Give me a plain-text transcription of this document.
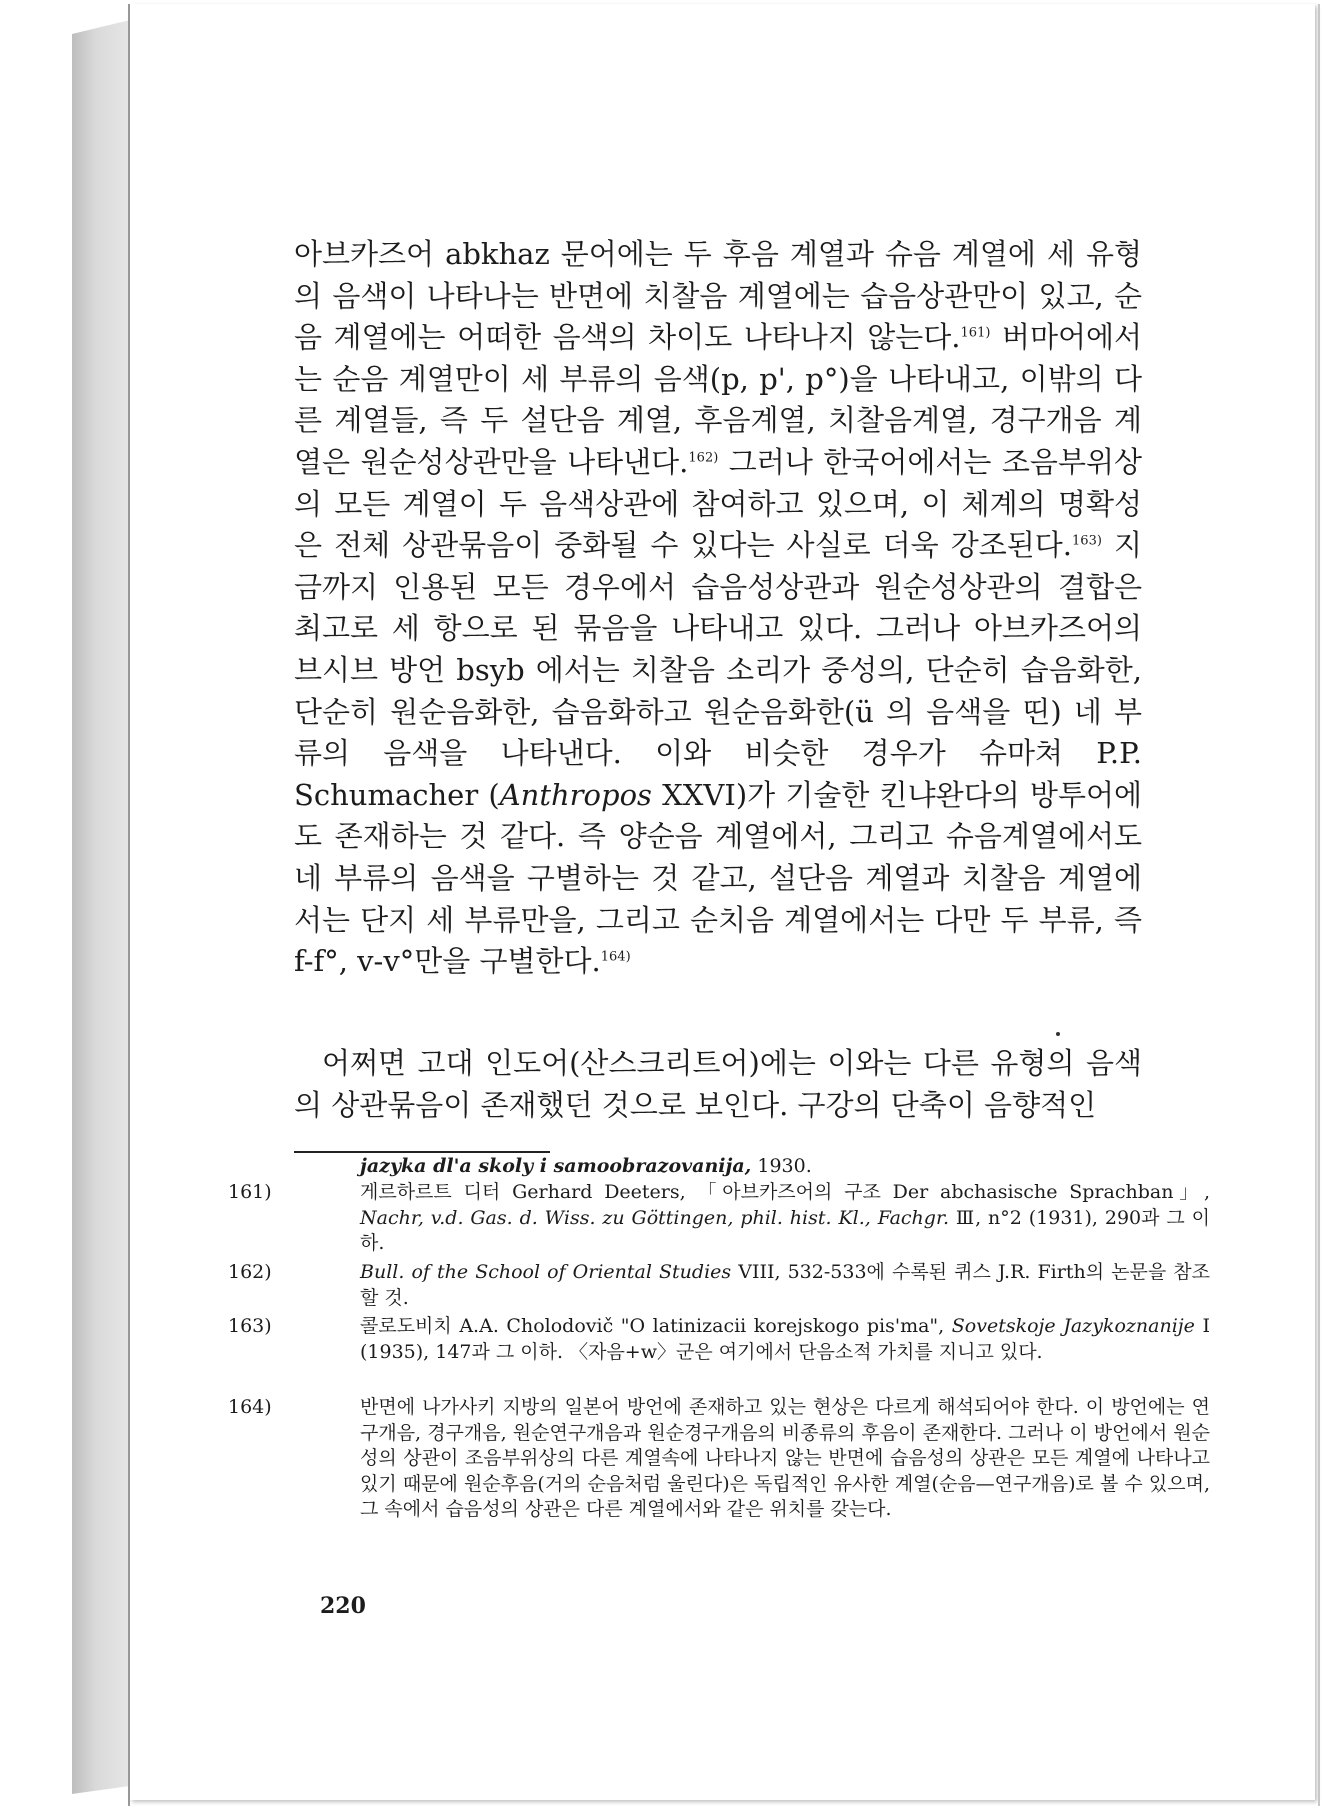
아브카즈어 abkhaz 문어에는 두 후음 계열과 슈음 계열에 세 유형의 음색이 나타나는 반면에 치찰음 계열에는 습음상관만이 있고, 순음 계열에는 어떠한 음색의 차이도 나타나지 않는다.$^{161)}$ 버마어에서는 순음 계열만이 세 부류의 음색(p, p', p°)을 나타내고, 이밖의 다른 계열들, 즉 두 설단음 계열, 후음계열, 치찰음계열, 경구개음 계열은 원순성상관만을 나타낸다.$^{162)}$ 그러나 한국어에서는 조음부위상의 모든 계열이 두 음색상관에 참여하고 있으며, 이 체계의 명확성은 전체 상관묶음이 중화될 수 있다는 사실로 더욱 강조된다.$^{163)}$ 지금까지 인용된 모든 경우에서 습음성상관과 원순성상관의 결합은 최고로 세 항으로 된 묶음을 나타내고 있다. 그러나 아브카즈어의 브시브 방언 bsyb 에서는 치찰음 소리가 중성의, 단순히 습음화한, 단순히 원순음화한, 습음화하고 원순음화한(ü 의 음색을 띤) 네 부류의 음색을 나타낸다. 이와 비슷한 경우가 슈마쳐 P.P. Schumacher (Anthropos XXVI)가 기술한 킨냐완다의 방투어에도 존재하는 것 같다. 즉 양순음 계열에서, 그리고 슈음계열에서도 네 부류의 음색을 구별하는 것 같고, 설단음 계열과 치찰음 계열에서는 단지 세 부류만을, 그리고 순치음 계열에서는 다만 두 부류, 즉 f-f°, v-v°만을 구별한다.$^{164)}$

어쩌면 고대 인도어(산스크리트어)에는 이와는 다른 유형의 음색의 상관묶음이 존재했던 것으로 보인다. 구강의 단축이 음향적인

jazyka dl'a skoly i samoobrazovanija, 1930.

161)	게르하르트 디터 Gerhard Deeters, 「아브카즈어의 구조 Der abchasische Sprachban」, Nachr, v.d. Gas. d. Wiss. zu Göttingen, phil. hist. Kl., Fachgr. Ⅲ, n°2 (1931), 290과 그 이하.

162)	Bull. of the School of Oriental Studies VIII, 532-533에 수록된 퀴스 J.R. Firth의 논문을 참조할 것.

163)	콜로도비치 A.A. Cholodovič "O latinizacii korejskogo pis'ma", Sovetskoje Jazykoznanije Ⅰ (1935), 147과 그 이하. 〈자음+w〉군은 여기에서 단음소적 가치를 지니고 있다.

164)	반면에 나가사키 지방의 일본어 방언에 존재하고 있는 현상은 다르게 해석되어야 한다. 이 방언에는 연구개음, 경구개음, 원순연구개음과 원순경구개음의 비종류의 후음이 존재한다. 그러나 이 방언에서 원순성의 상관이 조음부위상의 다른 계열속에 나타나지 않는 반면에 습음성의 상관은 모든 계열에 나타나고 있기 때문에 원순후음(거의 순음처럼 울린다)은 독립적인 유사한 계열(순음—연구개음)로 볼 수 있으며, 그 속에서 습음성의 상관은 다른 계열에서와 같은 위치를 갖는다.

220
